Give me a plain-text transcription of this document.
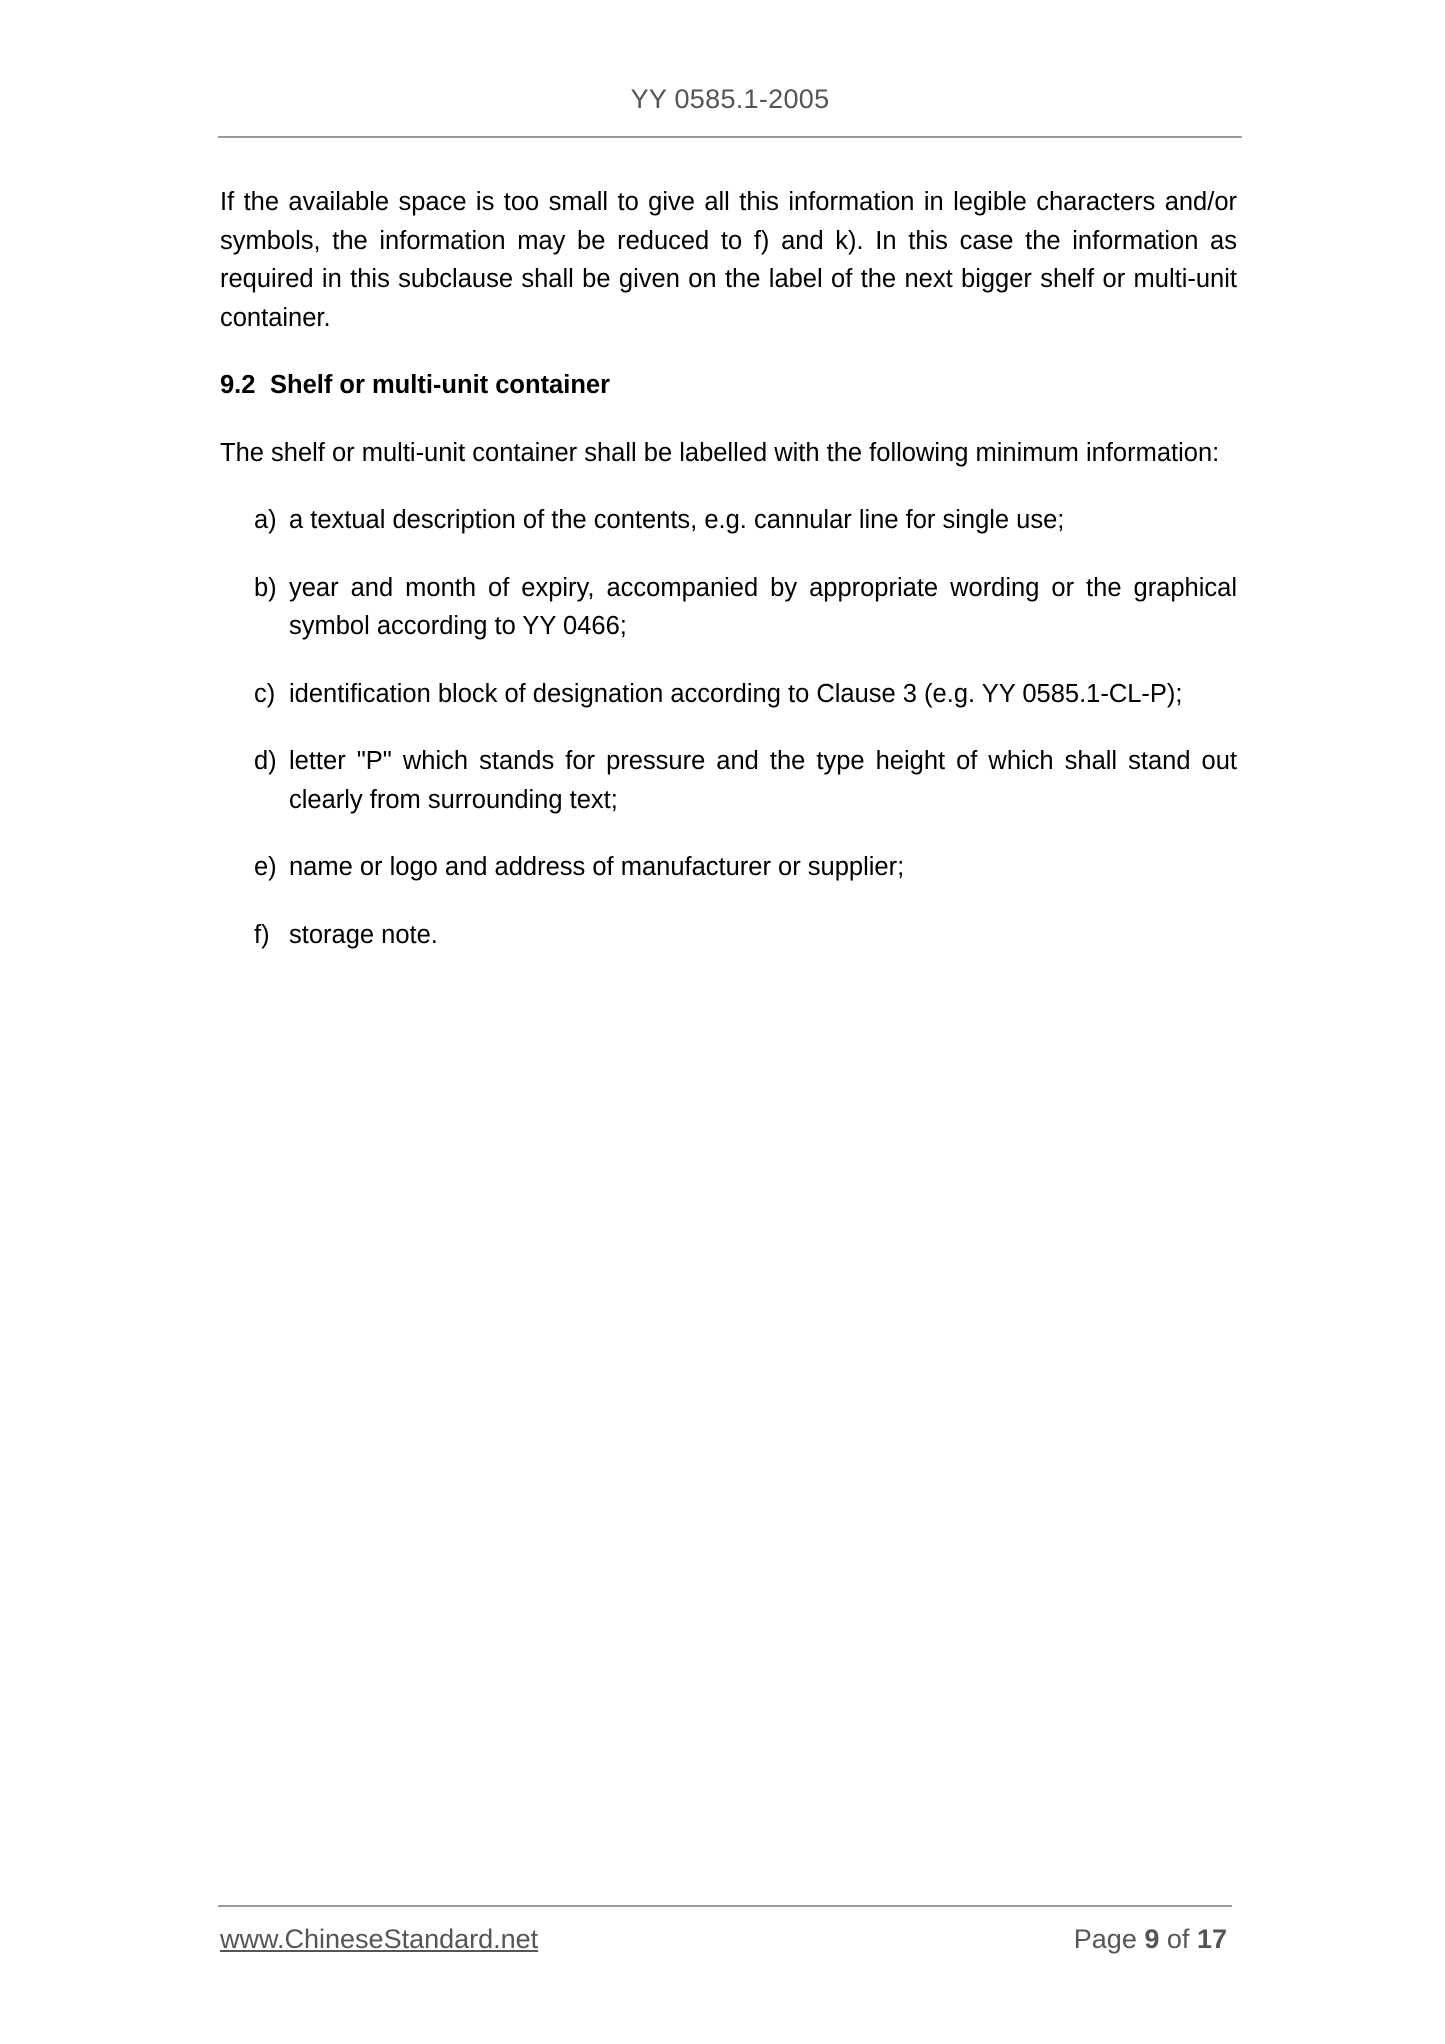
YY 0585.1-2005

If the available space is too small to give all this information in legible characters and/or symbols, the information may be reduced to f) and k). In this case the information as required in this subclause shall be given on the label of the next bigger shelf or multi-unit container.

9.2 Shelf or multi-unit container

The shelf or multi-unit container shall be labelled with the following minimum information:

a) a textual description of the contents, e.g. cannular line for single use;
b) year and month of expiry, accompanied by appropriate wording or the graphical symbol according to YY 0466;
c) identification block of designation according to Clause 3 (e.g. YY 0585.1-CL-P);
d) letter "P" which stands for pressure and the type height of which shall stand out clearly from surrounding text;
e) name or logo and address of manufacturer or supplier;
f) storage note.
www.ChineseStandard.net	Page 9 of 17
